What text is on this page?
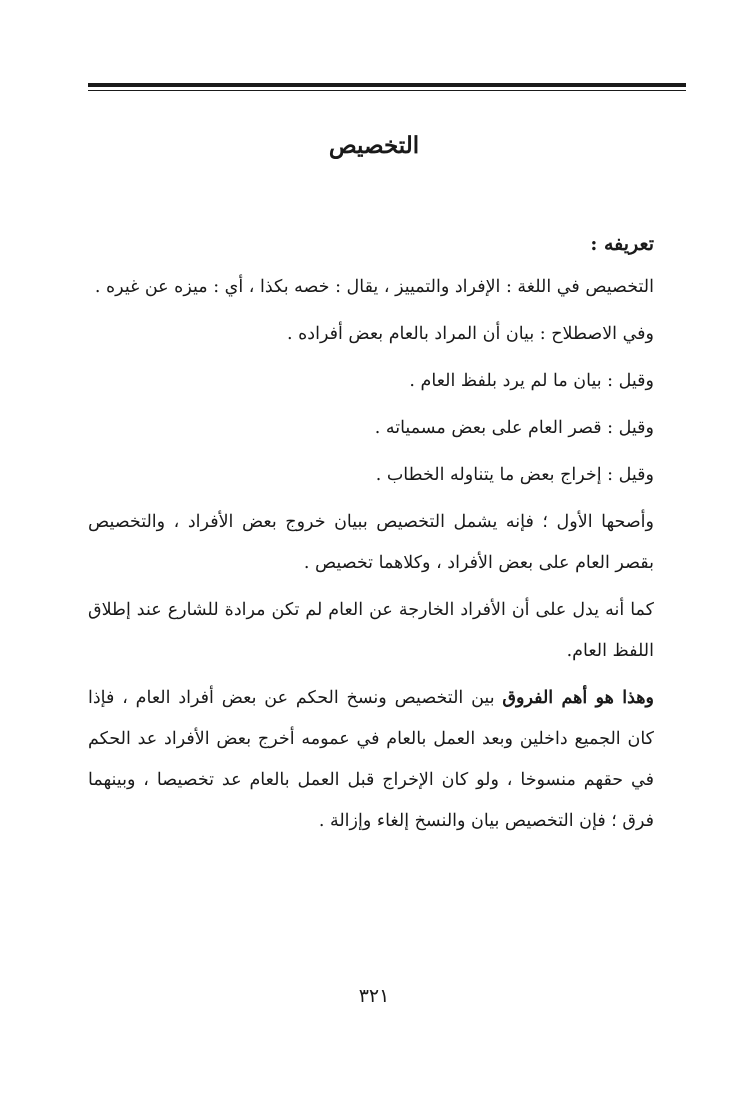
التخصيص
تعريفه :

التخصيص في اللغة : الإفراد والتمييز ، يقال : خصه بكذا ، أي : ميزه عن غيره .

وفي الاصطلاح : بيان أن المراد بالعام بعض أفراده .

وقيل : بيان ما لم يرد بلفظ العام .

وقيل : قصر العام على بعض مسمياته .

وقيل : إخراج بعض ما يتناوله الخطاب .

وأصحها الأول ؛ فإنه يشمل التخصيص ببيان خروج بعض الأفراد ، والتخصيص بقصر العام على بعض الأفراد ، وكلاهما تخصيص .

كما أنه يدل على أن الأفراد الخارجة عن العام لم تكن مرادة للشارع عند إطلاق اللفظ العام.

وهذا هو أهم الفروق بين التخصيص ونسخ الحكم عن بعض أفراد العام ، فإذا كان الجميع داخلين وبعد العمل بالعام في عمومه أخرج بعض الأفراد عد الحكم في حقهم منسوخا ، ولو كان الإخراج قبل العمل بالعام عد تخصيصا ، وبينهما فرق ؛ فإن التخصيص بيان والنسخ إلغاء وإزالة .

٣٢١
